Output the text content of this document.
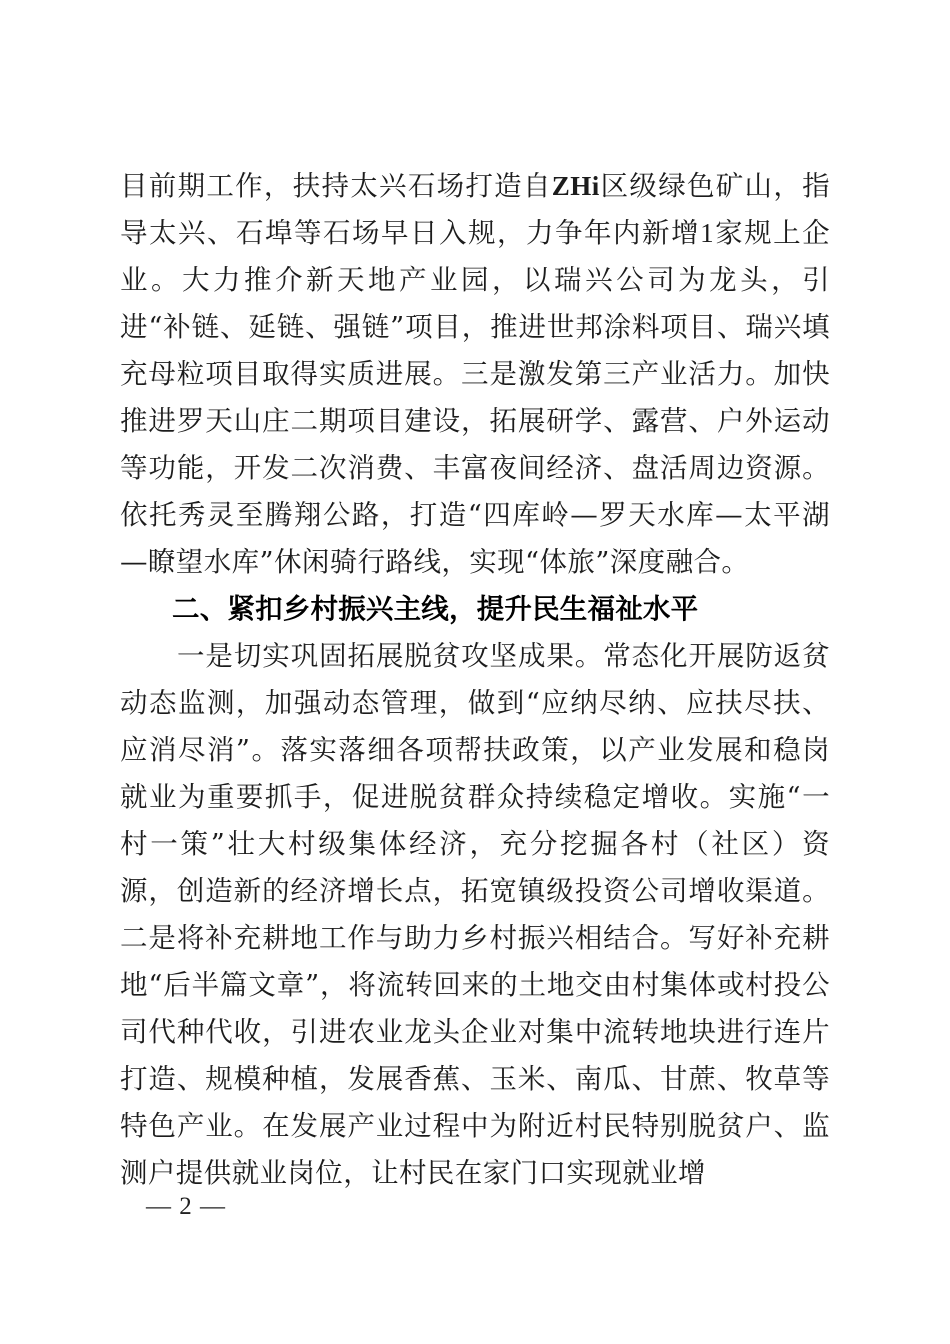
目前期工作，扶持太兴石场打造自ZHi区级绿色矿山，指导太兴、石埠等石场早日入规，力争年内新增1家规上企业。大力推介新天地产业园，以瑞兴公司为龙头，引进“补链、延链、强链”项目，推进世邦涂料项目、瑞兴填充母粒项目取得实质进展。三是激发第三产业活力。加快推进罗天山庄二期项目建设，拓展研学、露营、户外运动等功能，开发二次消费、丰富夜间经济、盘活周边资源。依托秀灵至腾翔公路，打造“四库岭—罗天水库—太平湖—瞭望水库”休闲骑行路线，实现“体旅”深度融合。

二、紧扣乡村振兴主线，提升民生福祉水平

一是切实巩固拓展脱贫攻坚成果。常态化开展防返贫动态监测，加强动态管理，做到“应纳尽纳、应扶尽扶、应消尽消”。落实落细各项帮扶政策，以产业发展和稳岗就业为重要抓手，促进脱贫群众持续稳定增收。实施“一村一策”壮大村级集体经济，充分挖掘各村（社区）资源，创造新的经济增长点，拓宽镇级投资公司增收渠道。二是将补充耕地工作与助力乡村振兴相结合。写好补充耕地“后半篇文章”，将流转回来的土地交由村集体或村投公司代种代收，引进农业龙头企业对集中流转地块进行连片打造、规模种植，发展香蕉、玉米、南瓜、甘蔗、牧草等特色产业。在发展产业过程中为附近村民特别脱贫户、监测户提供就业岗位，让村民在家门口实现就业增

— 2 —
